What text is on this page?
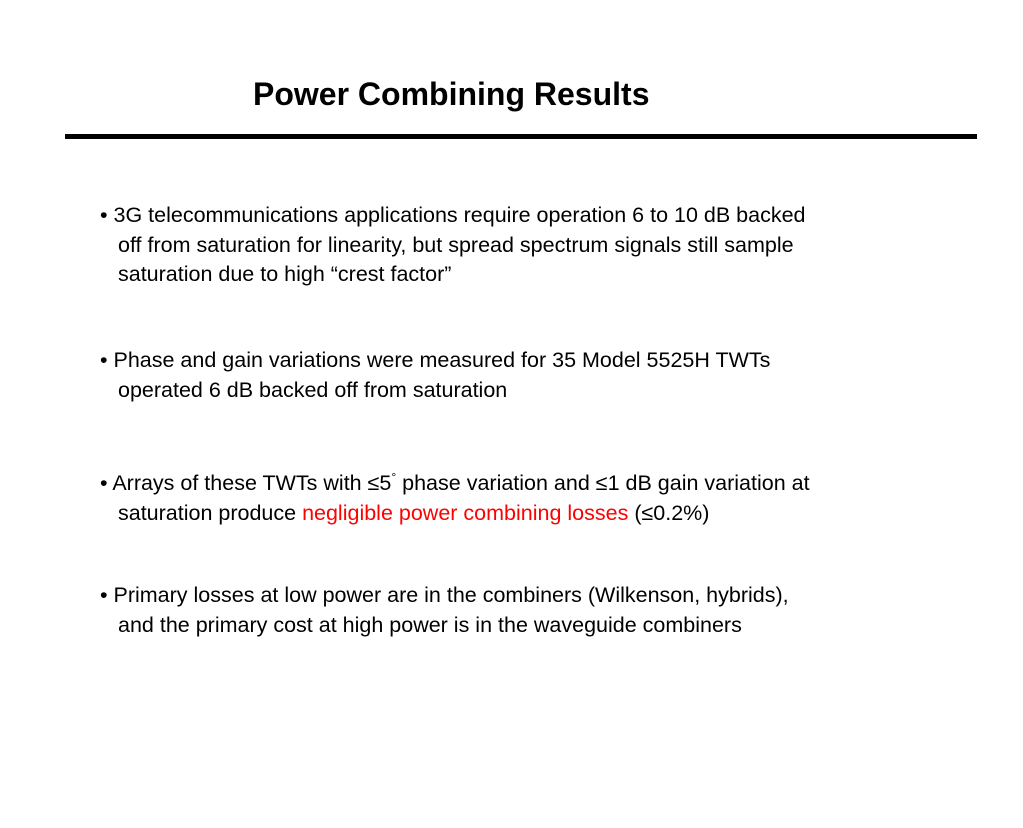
Power Combining Results
• 3G telecommunications applications require operation 6 to 10 dB backed
off from saturation for linearity, but spread spectrum signals still sample
saturation due to high “crest factor”
• Phase and gain variations were measured for 35 Model 5525H TWTs
operated 6 dB backed off from saturation
• Arrays of these TWTs with ≤5° phase variation and ≤1 dB gain variation at
saturation produce negligible power combining losses (≤0.2%)
• Primary losses at low power are in the combiners (Wilkenson, hybrids),
and the primary cost at high power is in the waveguide combiners
